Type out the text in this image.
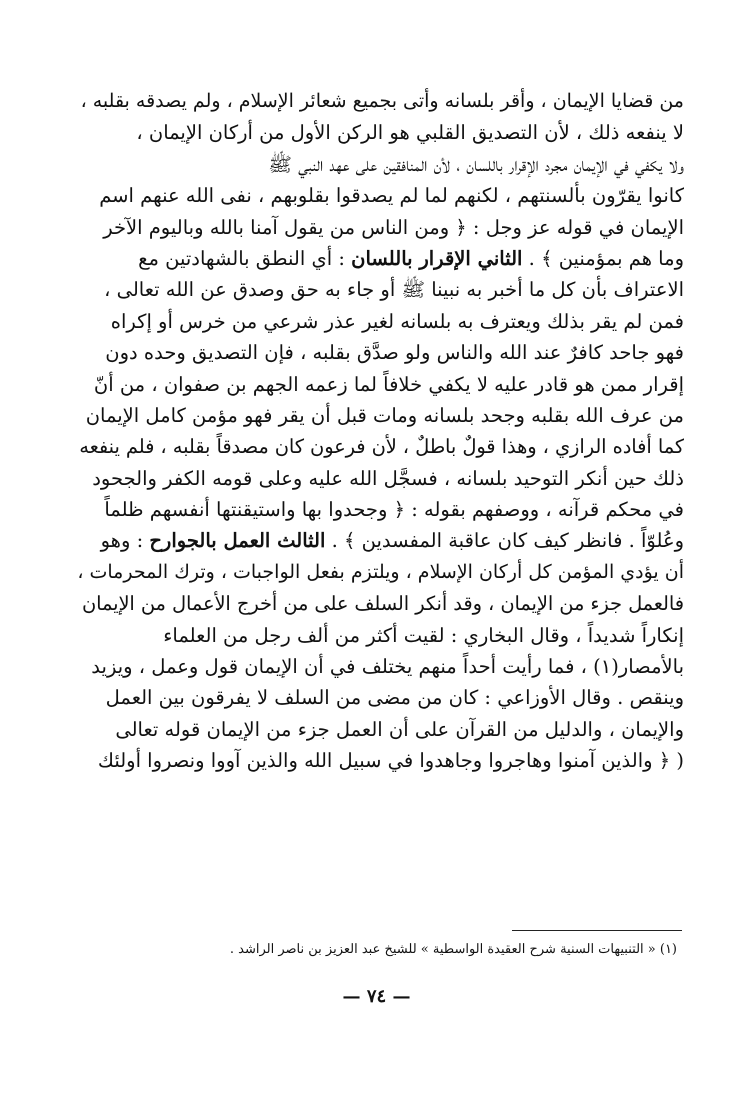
من قضايا الإيمان ، وأقر بلسانه وأتى بجميع شعائر الإسلام ، ولم يصدقه بقلبه ،
لا ينفعه ذلك ، لأن التصديق القلبي هو الركن الأول من أركان الإيمان ،
ولا يكفي في الإيمان مجرد الإقرار باللسان ، لأن المنافقين على عهد النبي ﷺ
كانوا يقرّون بألسنتهم ، لكنهم لما لم يصدقوا بقلوبهم ، نفى الله عنهم اسم
الإيمان في قوله عز وجل : ﴿ ومن الناس من يقول آمنا بالله وباليوم الآخر
وما هم بمؤمنين ﴾ . الثاني الإقرار باللسان : أي النطق بالشهادتين مع
الاعتراف بأن كل ما أخبر به نبينا ﷺ أو جاء به حق وصدق عن الله تعالى ،
فمن لم يقر بذلك ويعترف به بلسانه لغير عذر شرعي من خرس أو إكراه
فهو جاحد كافرٌ عند الله والناس ولو صدَّق بقلبه ، فإن التصديق وحده دون
إقرار ممن هو قادر عليه لا يكفي خلافاً لما زعمه الجهم بن صفوان ، من أنّ
من عرف الله بقلبه وجحد بلسانه ومات قبل أن يقر فهو مؤمن كامل الإيمان
كما أفاده الرازي ، وهذا قولٌ باطلٌ ، لأن فرعون كان مصدقاً بقلبه ، فلم ينفعه
ذلك حين أنكر التوحيد بلسانه ، فسجَّل الله عليه وعلى قومه الكفر والجحود
في محكم قرآنه ، ووصفهم بقوله : ﴿ وجحدوا بها واستيقنتها أنفسهم ظلماً
وعُلوّاً . فانظر كيف كان عاقبة المفسدين ﴾ . الثالث العمل بالجوارح : وهو
أن يؤدي المؤمن كل أركان الإسلام ، ويلتزم بفعل الواجبات ، وترك المحرمات ،
فالعمل جزء من الإيمان ، وقد أنكر السلف على من أخرج الأعمال من الإيمان
إنكاراً شديداً ، وقال البخاري : لقيت أكثر من ألف رجل من العلماء
بالأمصار(١) ، فما رأيت أحداً منهم يختلف في أن الإيمان قول وعمل ، ويزيد
وينقص . وقال الأوزاعي : كان من مضى من السلف لا يفرقون بين العمل
والإيمان ، والدليل من القرآن على أن العمل جزء من الإيمان قوله تعالى
( ﴿ والذين آمنوا وهاجروا وجاهدوا في سبيل الله والذين آووا ونصروا أولئك
(١) « التنبيهات السنية شرح العقيدة الواسطية » للشيخ عبد العزيز بن ناصر الراشد .
— ٧٤ —
